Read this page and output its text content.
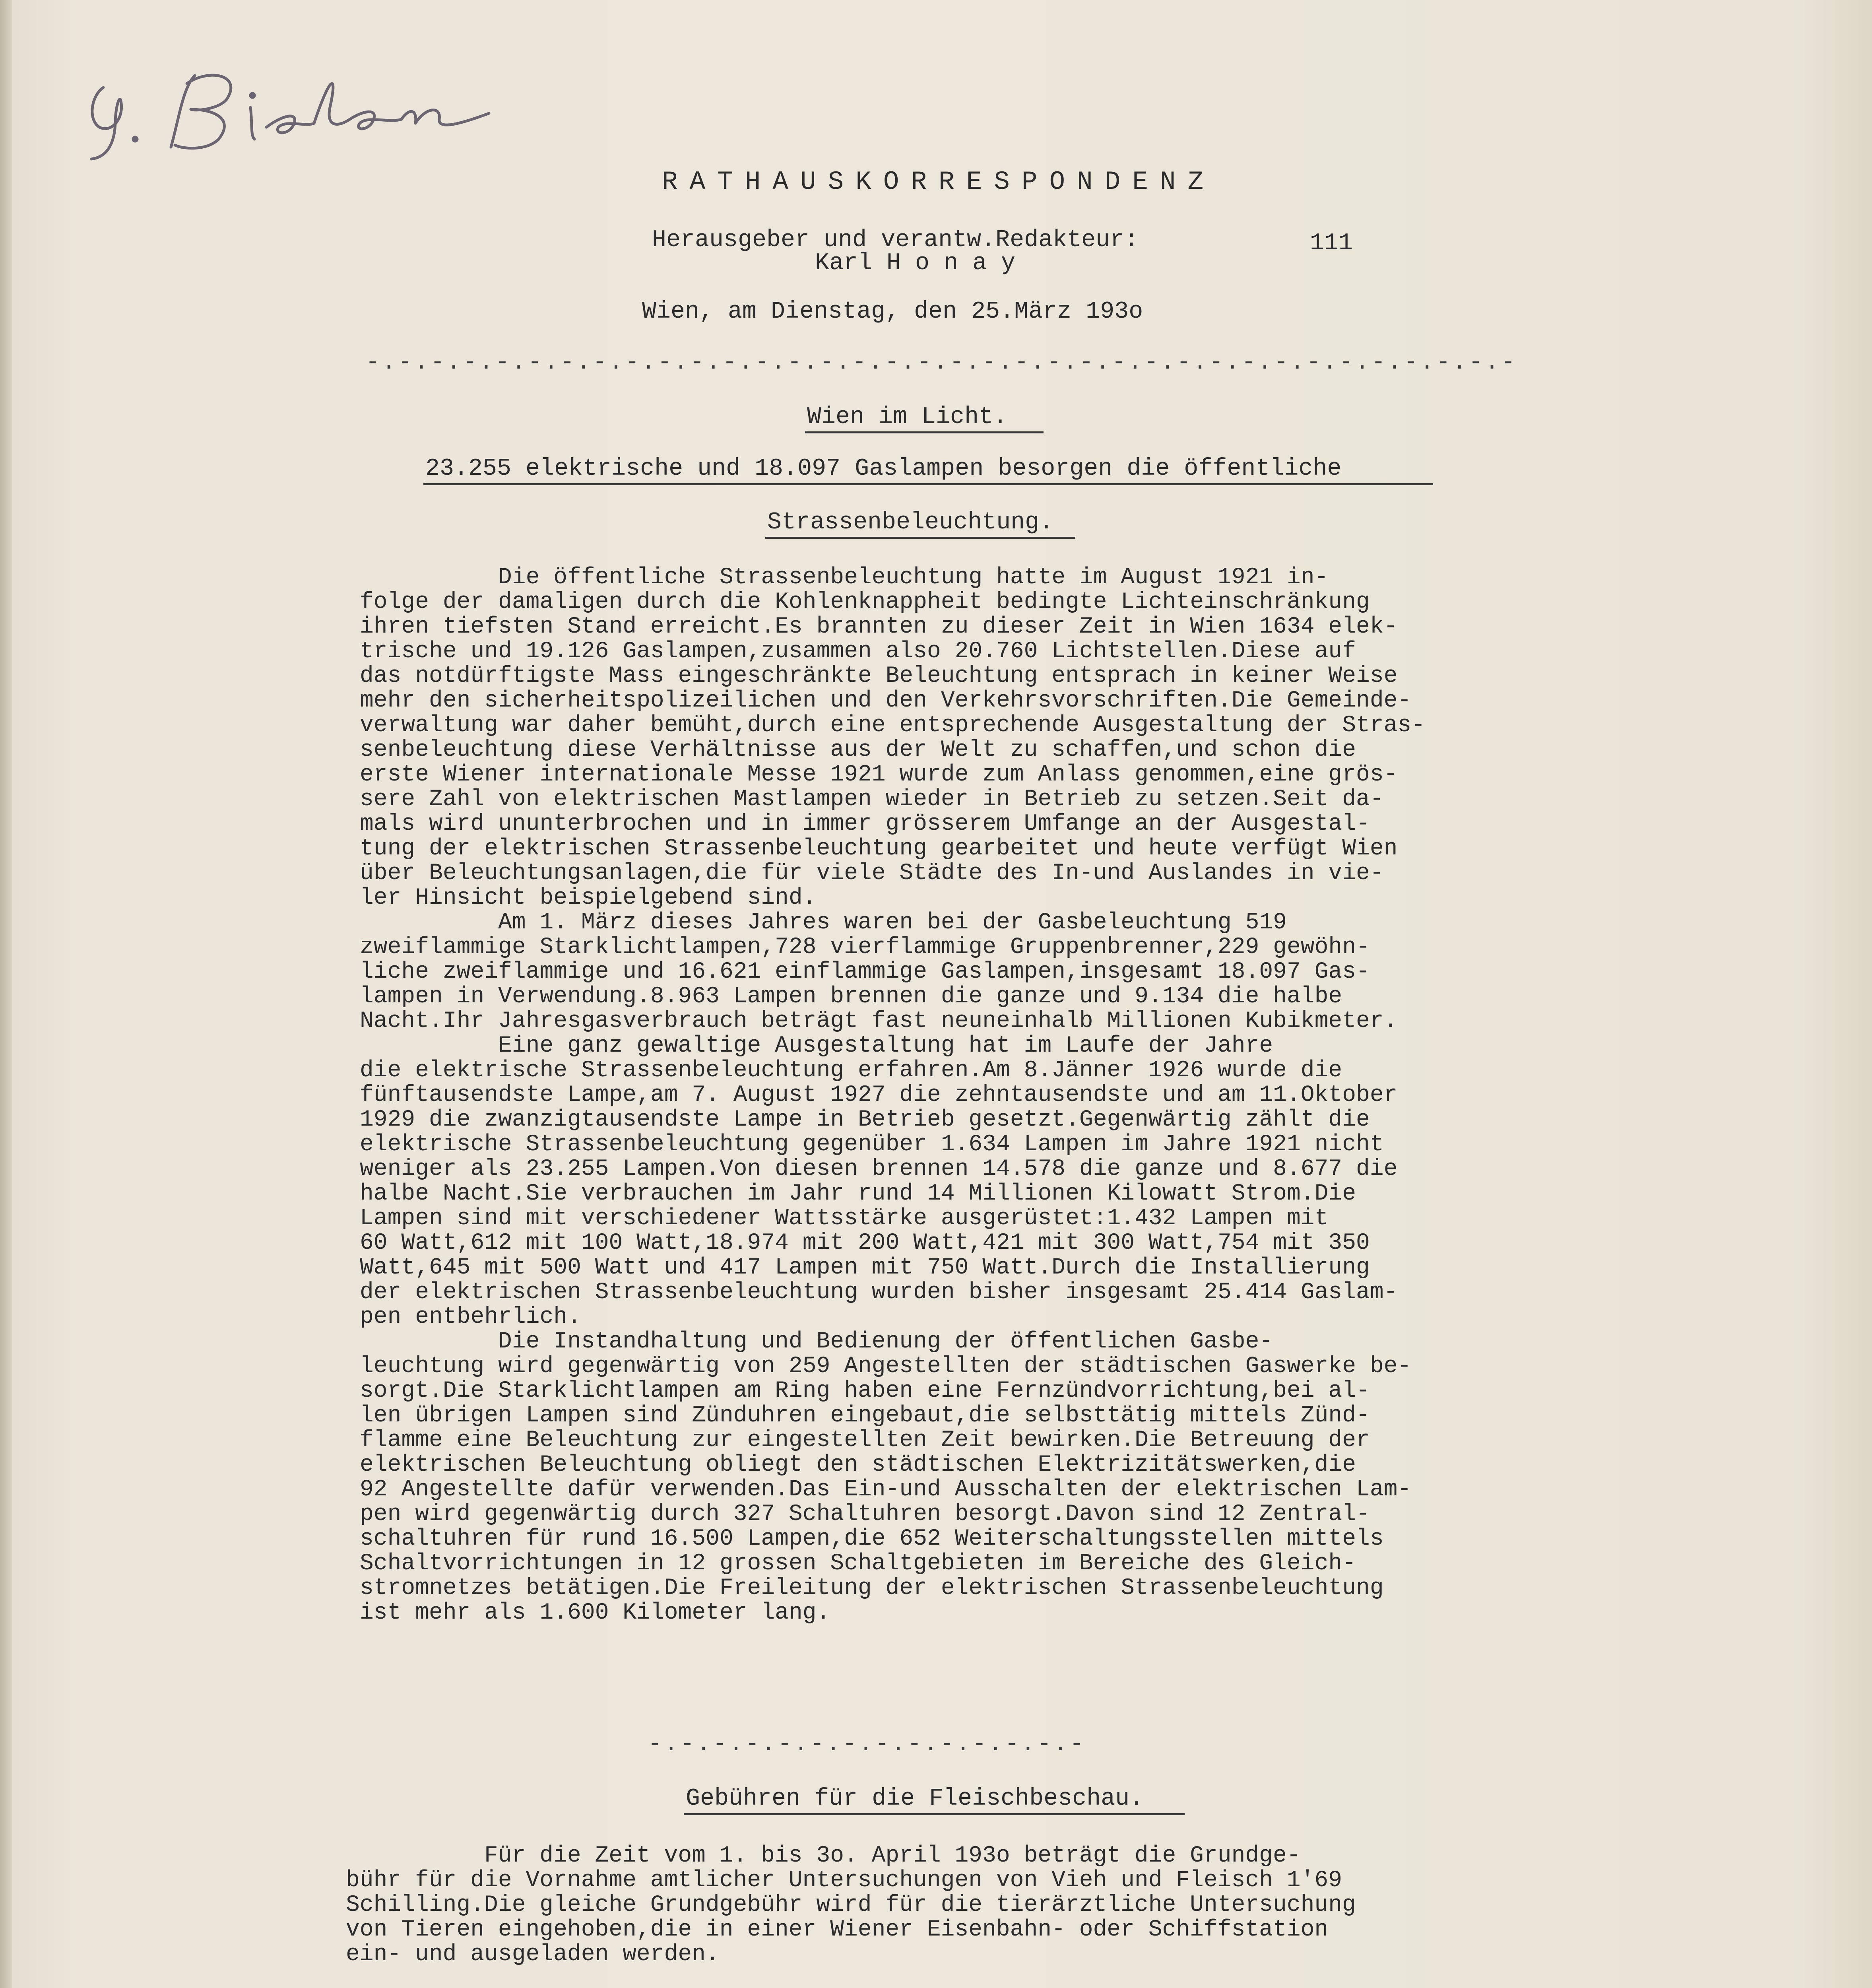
RATHAUSKORRESPONDENZ
Herausgeber und verantw.Redakteur:	111
Karl H o n a y
Wien, am Dienstag, den 25.März 193o
-.-.-.-.-.-.-.-.-.-.-.-.-.-.-.-.-.-.-.-.-.-.-.-.-.-.-.-.-.-.-.-.-.-.-.-
Wien im Licht.
23.255 elektrische und 18.097 Gaslampen besorgen die öffentliche
Strassenbeleuchtung.
Die öffentliche Strassenbeleuchtung hatte im August 1921 in-
folge der damaligen durch die Kohlenknappheit bedingte Lichteinschränkung
ihren tiefsten Stand erreicht.Es brannten zu dieser Zeit in Wien 1634 elek-
trische und 19.126 Gaslampen,zusammen also 20.760 Lichtstellen.Diese auf
das notdürftigste Mass eingeschränkte Beleuchtung entsprach in keiner Weise
mehr den sicherheitspolizeilichen und den Verkehrsvorschriften.Die Gemeinde-
verwaltung war daher bemüht,durch eine entsprechende Ausgestaltung der Stras-
senbeleuchtung diese Verhältnisse aus der Welt zu schaffen,und schon die
erste Wiener internationale Messe 1921 wurde zum Anlass genommen,eine grös-
sere Zahl von elektrischen Mastlampen wieder in Betrieb zu setzen.Seit da-
mals wird ununterbrochen und in immer grösserem Umfange an der Ausgestal-
tung der elektrischen Strassenbeleuchtung gearbeitet und heute verfügt Wien
über Beleuchtungsanlagen,die für viele Städte des In-und Auslandes in vie-
ler Hinsicht beispielgebend sind.
Am 1. März dieses Jahres waren bei der Gasbeleuchtung 519
zweiflammige Starklichtlampen,728 vierflammige Gruppenbrenner,229 gewöhn-
liche zweiflammige und 16.621 einflammige Gaslampen,insgesamt 18.097 Gas-
lampen in Verwendung.8.963 Lampen brennen die ganze und 9.134 die halbe
Nacht.Ihr Jahresgasverbrauch beträgt fast neuneinhalb Millionen Kubikmeter.
Eine ganz gewaltige Ausgestaltung hat im Laufe der Jahre
die elektrische Strassenbeleuchtung erfahren.Am 8.Jänner 1926 wurde die
fünftausendste Lampe,am 7. August 1927 die zehntausendste und am 11.Oktober
1929 die zwanzigtausendste Lampe in Betrieb gesetzt.Gegenwärtig zählt die
elektrische Strassenbeleuchtung gegenüber 1.634 Lampen im Jahre 1921 nicht
weniger als 23.255 Lampen.Von diesen brennen 14.578 die ganze und 8.677 die
halbe Nacht.Sie verbrauchen im Jahr rund 14 Millionen Kilowatt Strom.Die
Lampen sind mit verschiedener Wattsstärke ausgerüstet:1.432 Lampen mit
60 Watt,612 mit 100 Watt,18.974 mit 200 Watt,421 mit 300 Watt,754 mit 350
Watt,645 mit 500 Watt und 417 Lampen mit 750 Watt.Durch die Installierung
der elektrischen Strassenbeleuchtung wurden bisher insgesamt 25.414 Gaslam-
pen entbehrlich.
Die Instandhaltung und Bedienung der öffentlichen Gasbe-
leuchtung wird gegenwärtig von 259 Angestellten der städtischen Gaswerke be-
sorgt.Die Starklichtlampen am Ring haben eine Fernzündvorrichtung,bei al-
len übrigen Lampen sind Zünduhren eingebaut,die selbsttätig mittels Zünd-
flamme eine Beleuchtung zur eingestellten Zeit bewirken.Die Betreuung der
elektrischen Beleuchtung obliegt den städtischen Elektrizitätswerken,die
92 Angestellte dafür verwenden.Das Ein-und Ausschalten der elektrischen Lam-
pen wird gegenwärtig durch 327 Schaltuhren besorgt.Davon sind 12 Zentral-
schaltuhren für rund 16.500 Lampen,die 652 Weiterschaltungsstellen mittels
Schaltvorrichtungen in 12 grossen Schaltgebieten im Bereiche des Gleich-
stromnetzes betätigen.Die Freileitung der elektrischen Strassenbeleuchtung
ist mehr als 1.600 Kilometer lang.
-.-.-.-.-.-.-.-.-.-.-.-.-.-
Gebühren für die Fleischbeschau.
Für die Zeit vom 1. bis 3o. April 193o beträgt die Grundge-
bühr für die Vornahme amtlicher Untersuchungen von Vieh und Fleisch 1'69
Schilling.Die gleiche Grundgebühr wird für die tierärztliche Untersuchung
von Tieren eingehoben,die in einer Wiener Eisenbahn- oder Schiffstation
ein- und ausgeladen werden.
